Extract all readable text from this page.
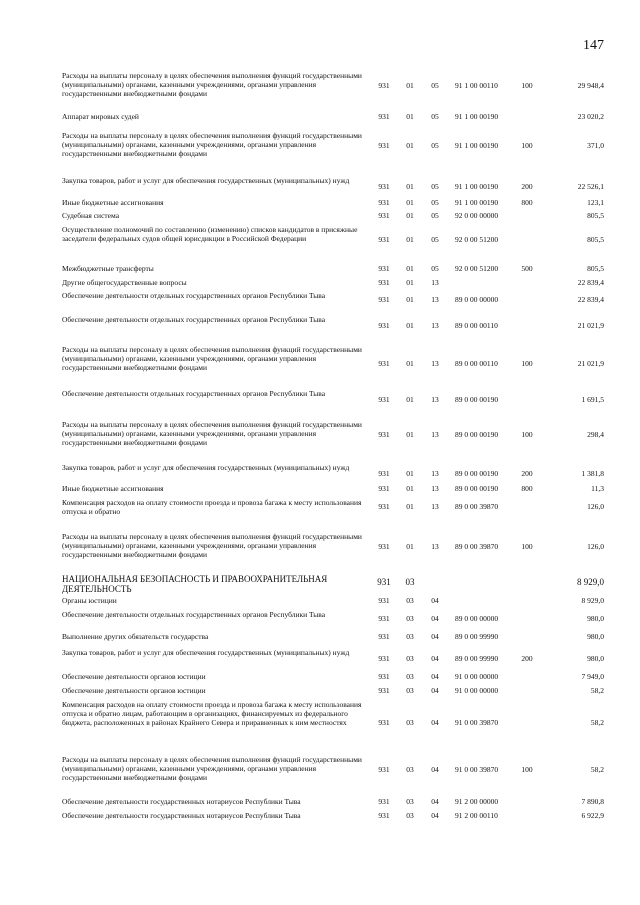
147
Расходы на выплаты персоналу в целях обеспечения выполнения функций государственными (муниципальными) органами, казенными учреждениями, органами управления государственными внебюджетными фондами
931	01	05	91 1 00 00110	100	29 948,4
Аппарат мировых судей	931	01	05	91 1 00 00190	23 020,2
Расходы на выплаты персоналу в целях обеспечения выполнения функций государственными (муниципальными) органами, казенными учреждениями, органами управления государственными внебюджетными фондами
931	01	05	91 1 00 00190	100	371,0
Закупка товаров, работ и услуг для обеспечения государственных (муниципальных) нужд
931	01	05	91 1 00 00190	200	22 526,1
Иные бюджетные ассигнования	931	01	05	91 1 00 00190	800	123,1
Судебная система	931	01	05	92 0 00 00000	805,5
Осуществление полномочий по составлению (изменению) списков кандидатов в присяжные заседатели федеральных судов общей юрисдикции в Российской Федерации	931	01	05	92 0 00 51200	805,5
Межбюджетные трансферты	931	01	05	92 0 00 51200	500	805,5
Другие общегосударственные вопросы	931	01	13	22 839,4
Обеспечение деятельности отдельных государственных органов Республики Тыва	931	01	13	89 0 00 00000	22 839,4
Обеспечение деятельности отдельных государственных органов Республики Тыва
931	01	13	89 0 00 00110	21 021,9
Расходы на выплаты персоналу в целях обеспечения выполнения функций государственными (муниципальными) органами, казенными учреждениями, органами управления государственными внебюджетными фондами	931	01	13	89 0 00 00110	100	21 021,9
Обеспечение деятельности отдельных государственных органов Республики Тыва
931	01	13	89 0 00 00190	1 691,5
Расходы на выплаты персоналу в целях обеспечения выполнения функций государственными (муниципальными) органами, казенными учреждениями, органами управления государственными внебюджетными фондами
931	01	13	89 0 00 00190	100	298,4
Закупка товаров, работ и услуг для обеспечения государственных (муниципальных) нужд
931	01	13	89 0 00 00190	200	1 381,8
Иные бюджетные ассигнования	931	01	13	89 0 00 00190	800	11,3
Компенсация расходов на оплату стоимости проезда и провоза багажа к месту использования отпуска и обратно
931	01	13	89 0 00 39870	126,0
Расходы на выплаты персоналу в целях обеспечения выполнения функций государственными (муниципальными) органами, казенными учреждениями, органами управления государственными внебюджетными фондами
931	01	13	89 0 00 39870	100	126,0
НАЦИОНАЛЬНАЯ БЕЗОПАСНОСТЬ И ПРАВООХРАНИТЕЛЬНАЯ ДЕЯТЕЛЬНОСТЬ
931	03	8 929,0
Органы юстиции	931	03	04	8 929,0
Обеспечение деятельности отдельных государственных органов Республики Тыва	931	03	04	89 0 00 00000	980,0
Выполнение других обязательств государства	931	03	04	89 0 00 99990	980,0
Закупка товаров, работ и услуг для обеспечения государственных (муниципальных) нужд
931	03	04	89 0 00 99990	200	980,0
Обеспечение деятельности органов юстиции	931	03	04	91 0 00 00000	7 949,0
Обеспечение деятельности органов юстиции	931	03	04	91 0 00 00000	58,2
Компенсация расходов на оплату стоимости проезда и провоза багажа к месту использования отпуска и обратно лицам, работающим в организациях, финансируемых из федерального бюджета, расположенных в районах Крайнего Севера и приравненных к ним местностях	931	03	04	91 0 00 39870	58,2
Расходы на выплаты персоналу в целях обеспечения выполнения функций государственными (муниципальными) органами, казенными учреждениями, органами управления государственными внебюджетными фондами
931	03	04	91 0 00 39870	100	58,2
Обеспечение деятельности государственных нотариусов Республики Тыва	931	03	04	91 2 00 00000	7 890,8
Обеспечение деятельности государственных нотариусов Республики Тыва	931	03	04	91 2 00 00110	6 922,9
